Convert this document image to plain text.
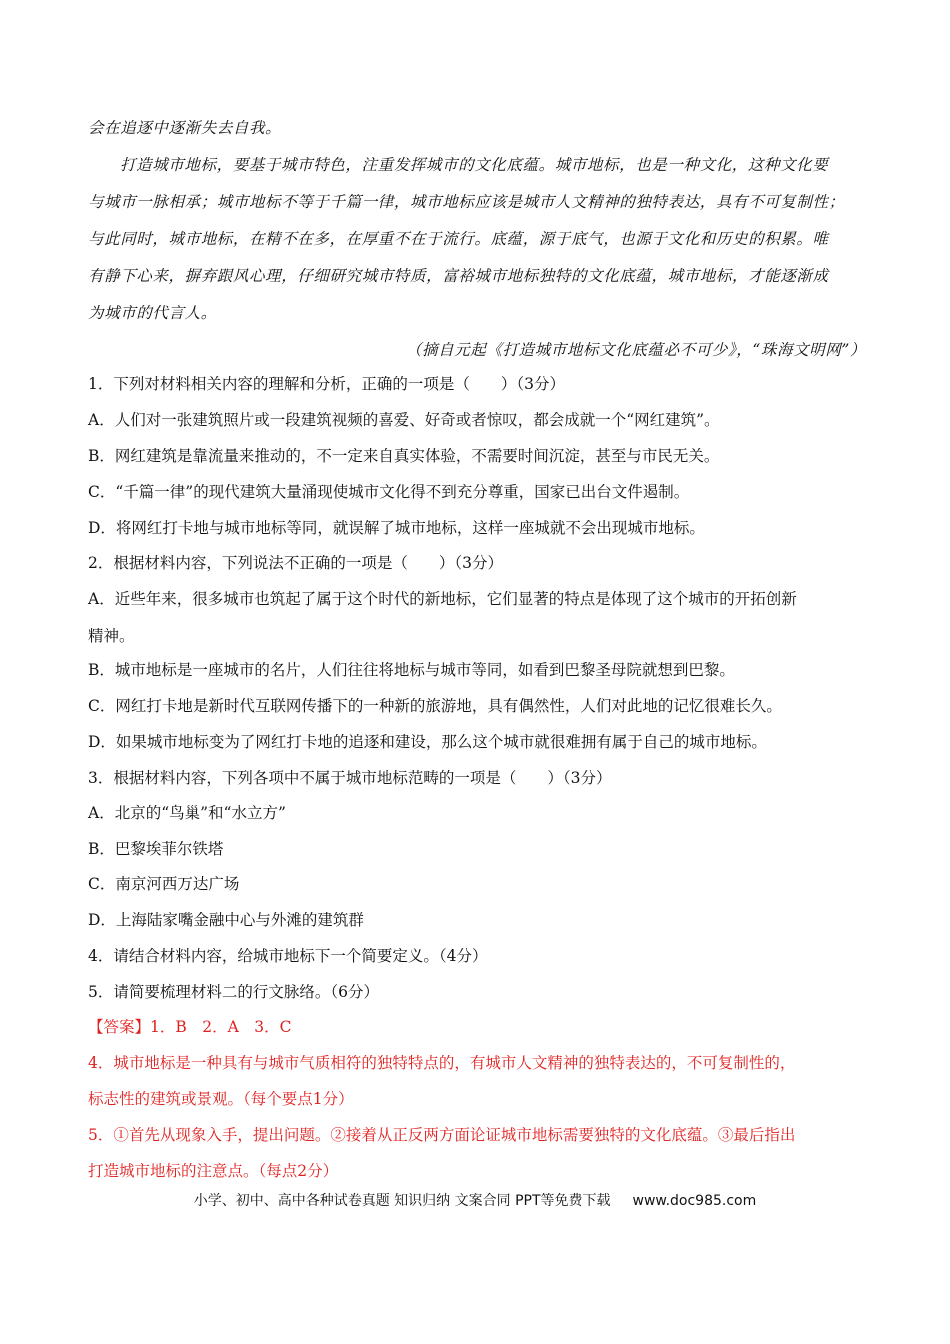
会在追逐中逐渐失去自我。
打造城市地标，要基于城市特色，注重发挥城市的文化底蕴。城市地标，也是一种文化，这种文化要
与城市一脉相承；城市地标不等于千篇一律，城市地标应该是城市人文精神的独特表达，具有不可复制性；
与此同时，城市地标，在精不在多，在厚重不在于流行。底蕴，源于底气，也源于文化和历史的积累。唯
有静下心来，摒弃跟风心理，仔细研究城市特质，富裕城市地标独特的文化底蕴，城市地标，才能逐渐成
为城市的代言人。
（摘自元起《打造城市地标文化底蕴必不可少》，“珠海文明网”）
1．下列对材料相关内容的理解和分析，正确的一项是（　　）（3分）
A．人们对一张建筑照片或一段建筑视频的喜爱、好奇或者惊叹，都会成就一个“网红建筑”。
B．网红建筑是靠流量来推动的，不一定来自真实体验，不需要时间沉淀，甚至与市民无关。
C．“千篇一律”的现代建筑大量涌现使城市文化得不到充分尊重，国家已出台文件遏制。
D．将网红打卡地与城市地标等同，就误解了城市地标，这样一座城就不会出现城市地标。
2．根据材料内容，下列说法不正确的一项是（　　）（3分）
A．近些年来，很多城市也筑起了属于这个时代的新地标，它们显著的特点是体现了这个城市的开拓创新
精神。
B．城市地标是一座城市的名片，人们往往将地标与城市等同，如看到巴黎圣母院就想到巴黎。
C．网红打卡地是新时代互联网传播下的一种新的旅游地，具有偶然性，人们对此地的记忆很难长久。
D．如果城市地标变为了网红打卡地的追逐和建设，那么这个城市就很难拥有属于自己的城市地标。
3．根据材料内容，下列各项中不属于城市地标范畴的一项是（　　）（3分）
A．北京的“鸟巢”和“水立方”
B．巴黎埃菲尔铁塔
C．南京河西万达广场
D．上海陆家嘴金融中心与外滩的建筑群
4．请结合材料内容，给城市地标下一个简要定义。（4分）
5．请简要梳理材料二的行文脉络。（6分）
【答案】1．B　2．A　3．C
4．城市地标是一种具有与城市气质相符的独特特点的，有城市人文精神的独特表达的，不可复制性的，
标志性的建筑或景观。（每个要点1分）
5．①首先从现象入手，提出问题。②接着从正反两方面论证城市地标需要独特的文化底蕴。③最后指出
打造城市地标的注意点。（每点2分）
小学、初中、高中各种试卷真题 知识归纳 文案合同 PPT等免费下载 www.doc985.com
